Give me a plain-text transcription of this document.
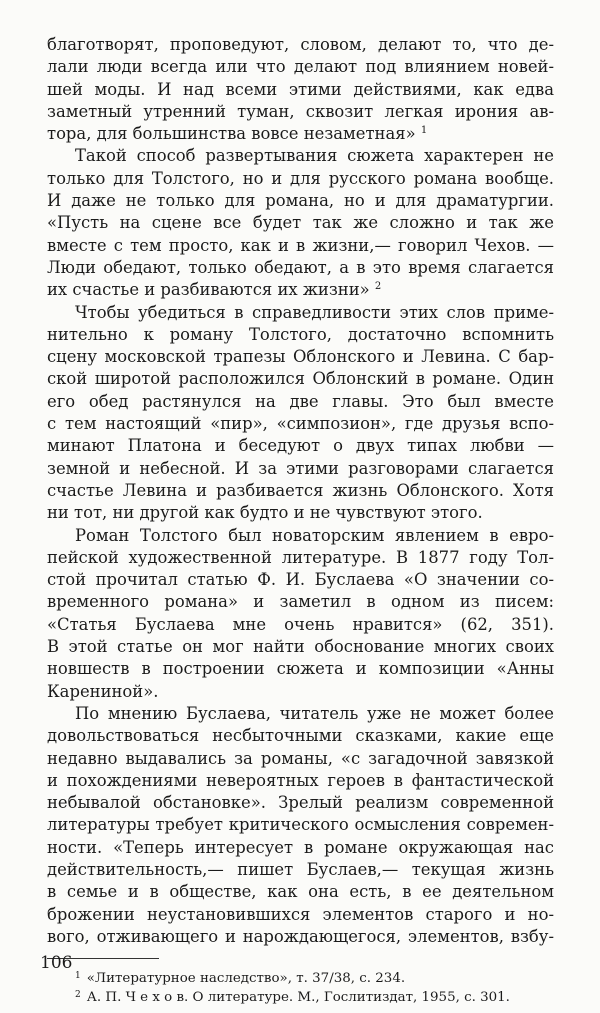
благотворят, проповедуют, словом, делают то, что де-
лали люди всегда или что делают под влиянием новей-
шей моды. И над всеми этими действиями, как едва
заметный утренний туман, сквозит легкая ирония ав-
тора, для большинства вовсе незаметная» $^1$
Такой способ развертывания сюжета характерен не
только для Толстого, но и для русского романа вообще.
И даже не только для романа, но и для драматургии.
«Пусть на сцене все будет так же сложно и так же
вместе с тем просто, как и в жизни,— говорил Чехов. —
Люди обедают, только обедают, а в это время слагается
их счастье и разбиваются их жизни» $^2$
Чтобы убедиться в справедливости этих слов приме-
нительно к роману Толстого, достаточно вспомнить
сцену московской трапезы Облонского и Левина. С бар-
ской широтой расположился Облонский в романе. Один
его обед растянулся на две главы. Это был вместе
с тем настоящий «пир», «симпозион», где друзья вспо-
минают Платона и беседуют о двух типах любви —
земной и небесной. И за этими разговорами слагается
счастье Левина и разбивается жизнь Облонского. Хотя
ни тот, ни другой как будто и не чувствуют этого.
Роман Толстого был новаторским явлением в евро-
пейской художественной литературе. В 1877 году Тол-
стой прочитал статью Ф. И. Буслаева «О значении со-
временного романа» и заметил в одном из писем:
«Статья Буслаева мне очень нравится» (62, 351).
В этой статье он мог найти обоснование многих своих
новшеств в построении сюжета и композиции «Анны
Карениной».
По мнению Буслаева, читатель уже не может более
довольствоваться несбыточными сказками, какие еще
недавно выдавались за романы, «с загадочной завязкой
и похождениями невероятных героев в фантастической
небывалой обстановке». Зрелый реализм современной
литературы требует критического осмысления современ-
ности. «Теперь интересует в романе окружающая нас
действительность,— пишет Буслаев,— текущая жизнь
в семье и в обществе, как она есть, в ее деятельном
брожении неустановившихся элементов старого и но-
вого, отживающего и нарождающегося, элементов, взбу-
$^1$ «Литературное наследство», т. 37/38, с. 234.
$^2$ А. П. Ч е х о в. О литературе. М., Гослитиздат, 1955, с. 301.
106
